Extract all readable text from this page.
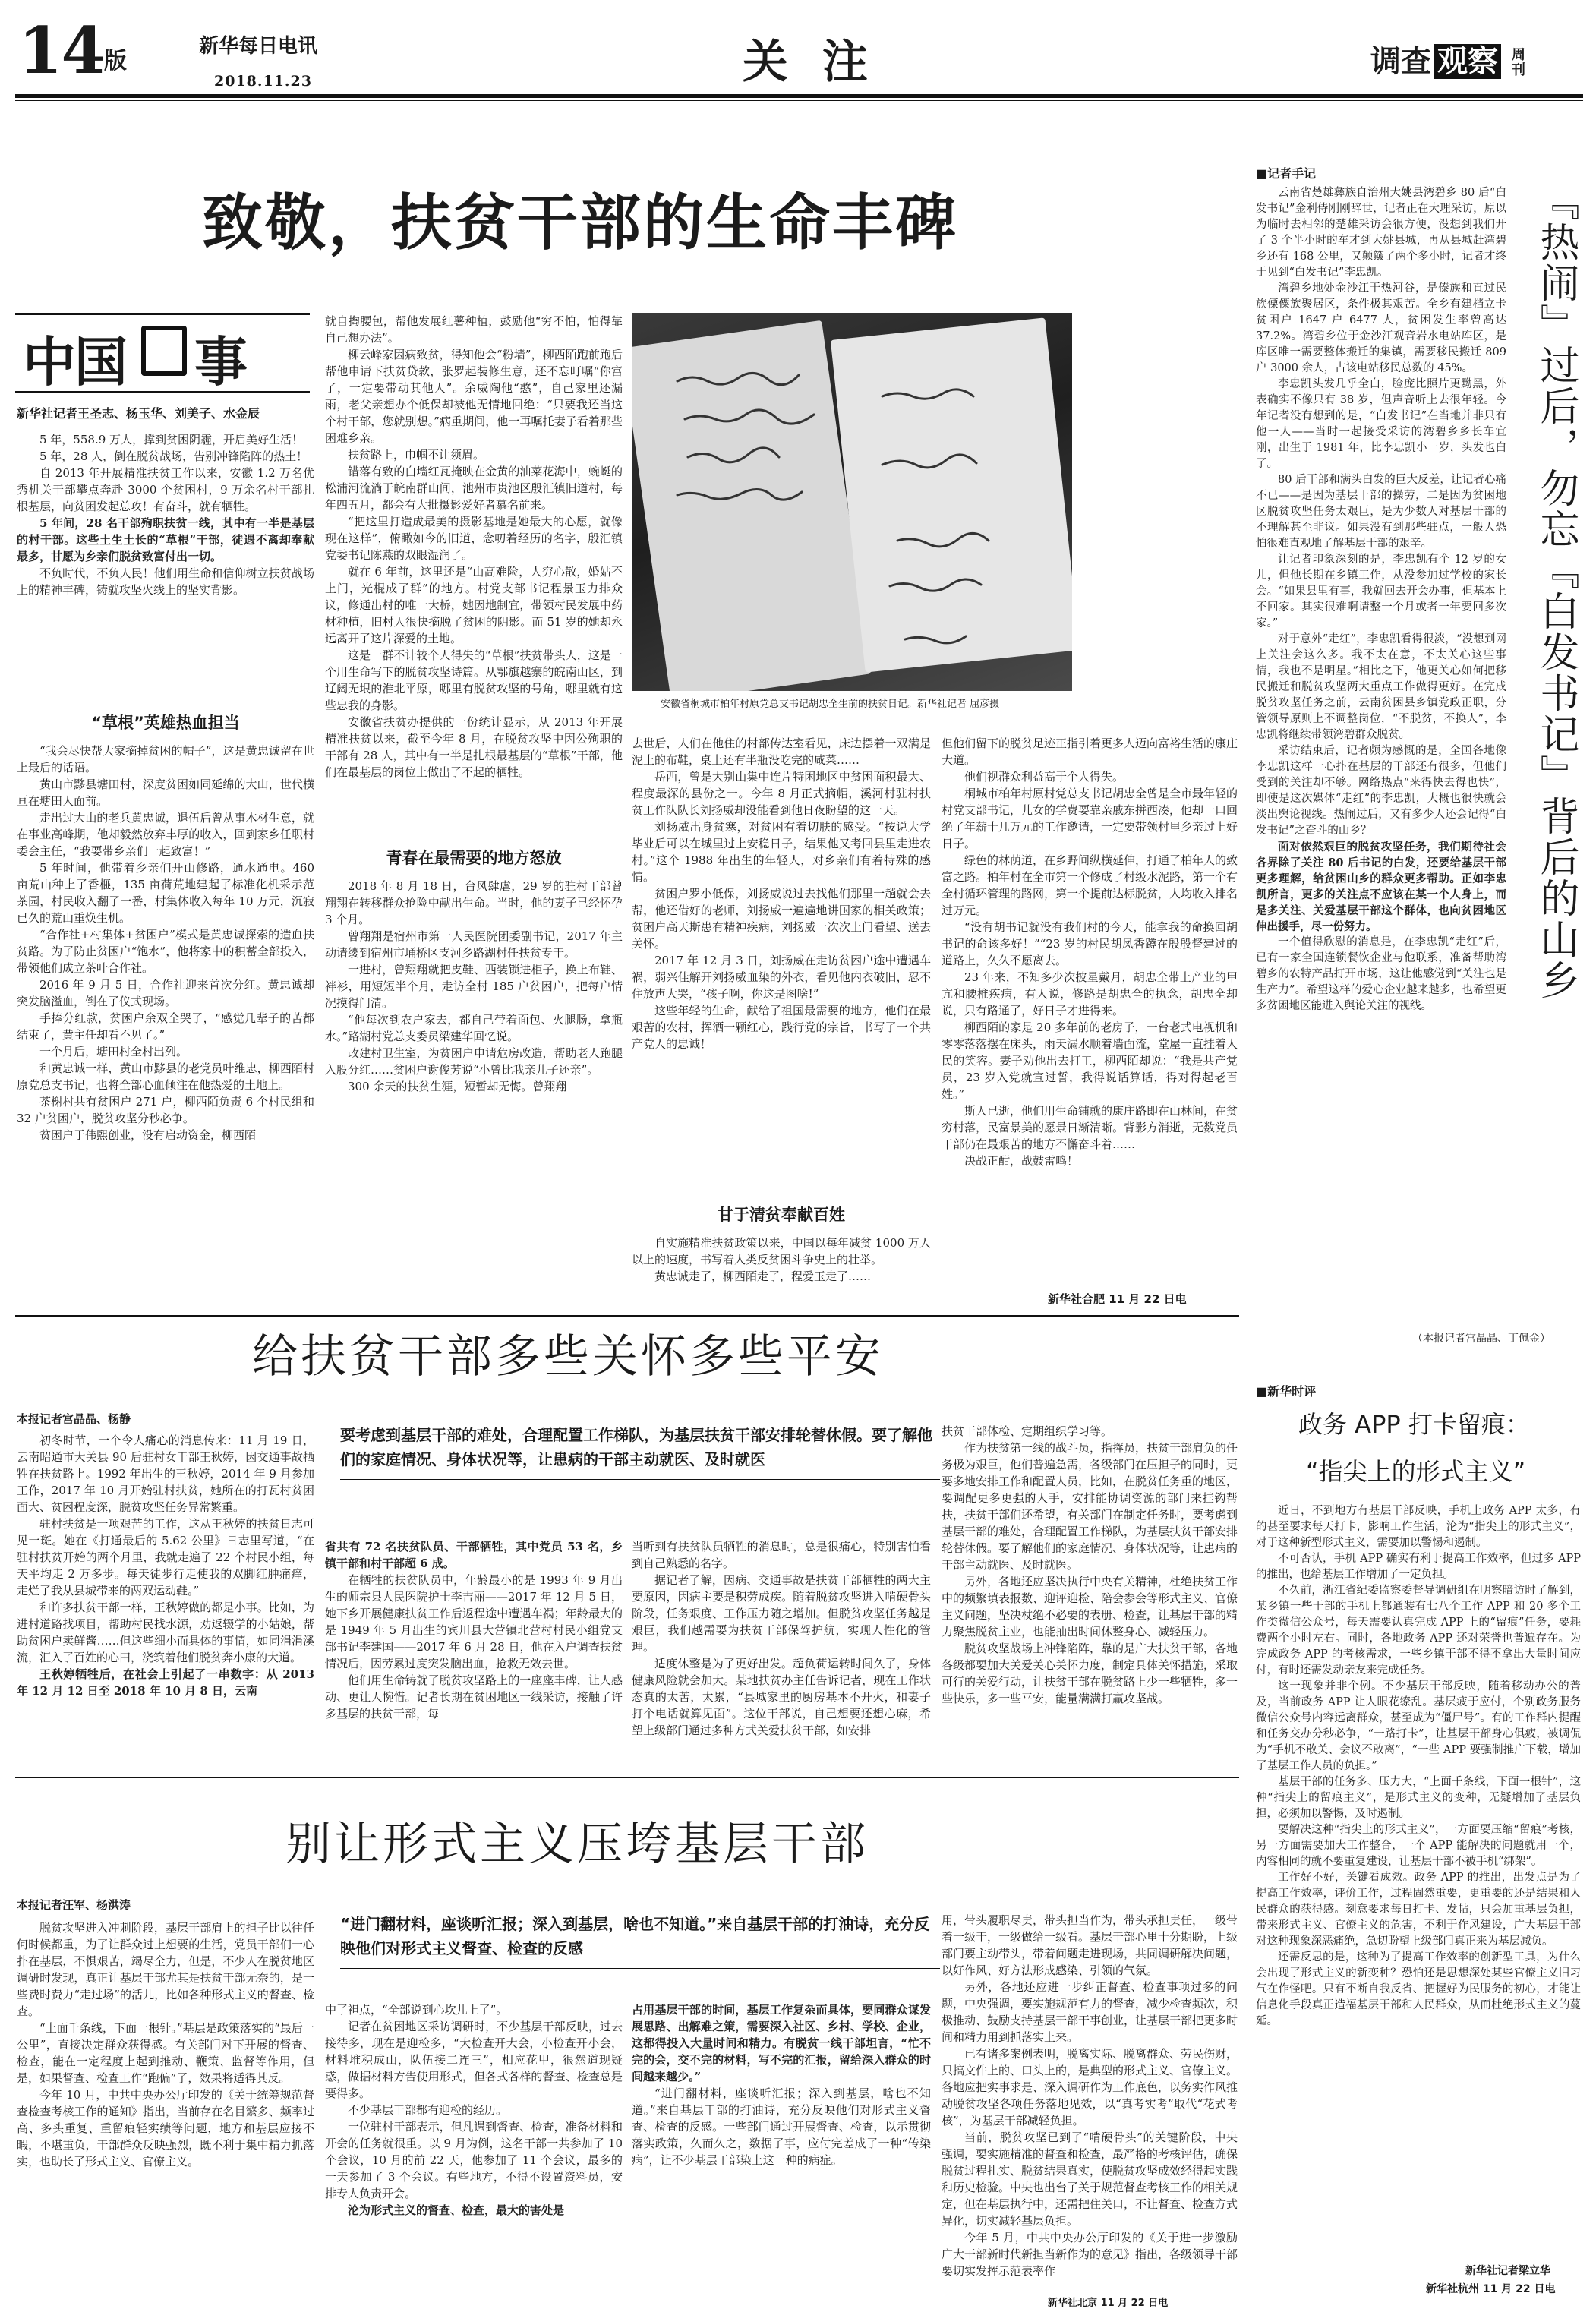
$14^版$
新华每日电讯
2018.11.23	关 注	调查 观察 周刊
致敬，扶贫干部的生命丰碑
中国 事
新华社记者王圣志、杨玉华、刘美子、水金辰
安徽省桐城市柏年村原党总支书记胡忠全生前的扶贫日记。新华社记者 屈彦摄

5 年，558.9 万人，撑到贫困阴霾，开启美好生活！

5 年，28 人，倒在脱贫战场，告别冲锋陷阵的热土！

自 2013 年开展精准扶贫工作以来，安徽 1.2 万名优秀机关干部攀点奔赴 3000 个贫困村，9 万余名村干部扎根基层，向贫困发起总攻！有奋斗，就有牺牲。

5 年间，28 名干部殉职扶贫一线，其中有一半是基层的村干部。这些土生土长的“草根”干部，徒遇不离却奉献最多，甘愿为乡亲们脱贫致富付出一切。

不负时代，不负人民！他们用生命和信仰树立扶贫战场上的精神丰碑，铸就攻坚火线上的坚实背影。

“草根”英雄热血担当

“我会尽快帮大家摘掉贫困的帽子”，这是黄忠诚留在世上最后的话语。

黄山市黟县塘田村，深度贫困如同延绵的大山，世代横亘在塘田人面前。

走出过大山的老兵黄忠诚，退伍后曾从事木材生意，就在事业高峰期，他却毅然放弃丰厚的收入，回到家乡任职村委会主任，“我要带乡亲们一起致富！”

5 年时间，他带着乡亲们开山修路，通水通电。460 亩荒山种上了香榧，135 亩荷荒地建起了标准化机采示范茶园，村民收入翻了一番，村集体收入每年 10 万元，沉寂已久的荒山重焕生机。

“合作社+村集体+贫困户”模式是黄忠诚探索的造血扶贫路。为了防止贫困户“饱水”，他将家中的积蓄全部投入，带领他们成立茶叶合作社。

2016 年 9 月 5 日，合作社迎来首次分红。黄忠诚却突发脑溢血，倒在了仪式现场。

手捧分红款，贫困户余双全哭了，“感觉几辈子的苦都结束了，黄主任却看不见了。”

一个月后，塘田村全村出列。

和黄忠诚一样，黄山市黟县的老党员叶维忠，柳西陌村原党总支书记，也将全部心血倾注在他热爱的土地上。

茶榭村共有贫困户 271 户，柳西陌负责 6 个村民组和 32 户贫困户，脱贫攻坚分秒必争。

贫困户于伟熙创业，没有启动资金，柳西陌

就自掏腰包，帮他发展红薯种植，鼓励他“穷不怕，怕得靠自己想办法”。

柳云峰家因病致贫，得知他会“粉墙”，柳西陌跑前跑后帮他申请下扶贫贷款，张罗起装修生意，还不忘叮嘱“你富了，一定要带动其他人”。余威陶他“憨”，自己家里还漏雨，老父亲想办个低保却被他无情地回绝：“只要我还当这个村干部，您就别想。”病重期间，他一再嘱托妻子看着那些困难乡亲。

扶贫路上，巾帼不让须眉。

错落有致的白墙红瓦掩映在金黄的油菜花海中，蜿蜒的松浦河流淌于皖南群山间，池州市贵池区殷汇镇旧道村，每年四五月，都会有大批摄影爱好者慕名前来。

“把这里打造成最美的摄影基地是她最大的心愿，就像现在这样”，俯瞰如今的旧道，念叨着经历的名字，殷汇镇党委书记陈燕的双眼湿润了。

就在 6 年前，这里还是“山高难险，人穷心散，婚姑不上门，光棍成了群”的地方。村党支部书记程景玉力排众议，修通出村的唯一大桥，她因地制宜，带领村民发展中药材种植，旧村人很快摘脱了贫困的阴影。而 51 岁的她却永远离开了这片深爱的土地。

这是一群不计较个人得失的“草根”扶贫带头人，这是一个用生命写下的脱贫攻坚诗篇。从鄂旗越寨的皖南山区，到辽阔无垠的淮北平原，哪里有脱贫攻坚的号角，哪里就有这些忠我的身影。

安徽省扶贫办提供的一份统计显示，从 2013 年开展精准扶贫以来，截至今年 8 月，在脱贫攻坚中因公殉职的干部有 28 人，其中有一半是扎根最基层的“草根”干部，他们在最基层的岗位上做出了不起的牺牲。

青春在最需要的地方怒放

2018 年 8 月 18 日，台风肆虐，29 岁的驻村干部曾翔翔在转移群众抢险中献出生命。当时，他的妻子已经怀孕 3 个月。

曾翔翔是宿州市第一人民医院团委副书记，2017 年主动请缨到宿州市埇桥区支河乡路湖村任扶贫专干。

一进村，曾翔翔就把皮鞋、西装锁进柜子，换上布鞋、袢衫，用短短半个月，走访全村 185 户贫困户，把每户情况摸得门清。

“他每次到农户家去，都自己带着面包、火腿肠，拿瓶水。”路湖村党总支委员梁建华回忆说。

改建村卫生室，为贫困户申请危房改造，帮助老人跑腿入股分红……贫困户谢俊芳说“小曾比我亲儿子还亲”。

300 余天的扶贫生涯，短暂却无悔。曾翔翔

去世后，人们在他住的村部传达室看见，床边摆着一双满是泥土的布鞋，桌上还有半瓶没吃完的咸菜……

岳西，曾是大别山集中连片特困地区中贫困面积最大、程度最深的县份之一。今年 8 月正式摘帽，溪河村驻村扶贫工作队队长刘扬威却没能看到他日夜盼望的这一天。

刘扬威出身贫寒，对贫困有着切肤的感受。“按说大学毕业后可以在城里过上安稳日子，结果他又考回县里走进农村。”这个 1988 年出生的年轻人，对乡亲们有着特殊的感情。

贫困户罗小低保，刘扬威说过去找他们那里一趟就会去帮，他还借好的老师，刘扬威一遍遍地讲国家的相关政策；贫困户高天斯患有精神疾病，刘扬威一次次上门看望、送去关怀。

2017 年 12 月 3 日，刘扬威在走访贫困户途中遭遇车祸，弱兴佳解开刘扬威血染的外衣，看见他内衣破旧，忍不住放声大哭，“孩子啊，你这是图啥!”

这些年轻的生命，献给了祖国最需要的地方，他们在最艰苦的农村，挥洒一颗红心，践行党的宗旨，书写了一个共产党人的忠诚！

甘于清贫奉献百姓

自实施精准扶贫政策以来，中国以每年减贫 1000 万人以上的速度，书写着人类反贫困斗争史上的壮举。

黄忠诚走了，柳西陌走了，程爱玉走了……

但他们留下的脱贫足迹正指引着更多人迈向富裕生活的康庄大道。

他们视群众利益高于个人得失。

桐城市柏年村原村党总支书记胡忠全曾是全市最年轻的村党支部书记，儿女的学费要靠亲戚东拼西凑，他却一口回绝了年薪十几万元的工作邀请，一定要带领村里乡亲过上好日子。

绿色的林荫道，在乡野间纵横延伸，打通了柏年人的致富之路。柏年村在全市第一个修成了村级水泥路，第一个有全村循环管理的路网，第一个提前达标脱贫，人均收入排名过万元。

“没有胡书记就没有我们村的今天，能拿我的命换回胡书记的命该多好！”“23 岁的村民胡凤香蹲在殷殷督建过的道路上，久久不愿离去。

23 年来，不知多少次披星戴月，胡忠全带上产业的甲亢和腰椎疾病，有人说，修路是胡忠全的执念，胡忠全却说，只有路通了，好日子才进得来。

柳西陌的家是 20 多年前的老房子，一台老式电视机和零零落落摆在床头，雨天漏水顺着墙面流，堂屋一直挂着人民的笑容。妻子劝他出去打工，柳西陌却说：“我是共产党员，23 岁入党就宣过誓，我得说话算话，得对得起老百姓。”

斯人已逝，他们用生命铺就的康庄路即在山林间，在贫穷村落，民富景美的愿景日渐清晰。背影方消逝，无数党员干部仍在最艰苦的地方不懈奋斗着……

决战正酣，战鼓雷鸣！

新华社合肥 11 月 22 日电
给扶贫干部多些关怀多些平安
本报记者宫晶晶、杨静

初冬时节，一个令人痛心的消息传来：11 月 19 日，云南昭通市大关县 90 后驻村女干部王秋婷，因交通事故牺牲在扶贫路上。1992 年出生的王秋婷，2014 年 9 月参加工作，2017 年 10 月开始驻村扶贫，她所在的打瓦村贫困面大、贫困程度深，脱贫攻坚任务异常繁重。

驻村扶贫是一项艰苦的工作，这从王秋婷的扶贫日志可见一斑。她在《打通最后的 5.62 公里》日志里写道，“在驻村扶贫开始的两个月里，我就走遍了 22 个村民小组，每天平均走 2 万多步。每天徒步行走使我的双脚红肿痛痒，走烂了我从县城带来的两双运动鞋。”

和许多扶贫干部一样，王秋婷做的都是小事。比如，为进村道路找项目，帮助村民找水源，劝返辍学的小姑娘，帮助贫困户卖鲜酱……但这些细小而具体的事情，如同涓涓溪流，汇入了百姓的心田，浇筑着他们脱贫奔小康的大道。

王秋婷牺牲后，在社会上引起了一串数字：从 2013 年 12 月 12 日至 2018 年 10 月 8 日，云南

要考虑到基层干部的难处，合理配置工作梯队，为基层扶贫干部安排轮替休假。要了解他们的家庭情况、身体状况等，让患病的干部主动就医、及时就医

省共有 72 名扶贫队员、干部牺牲，其中党员 53 名，乡镇干部和村干部超 6 成。

在牺牲的扶贫队员中，年龄最小的是 1993 年 9 月出生的师宗县人民医院护士李吉丽——2017 年 12 月 5 日，她下乡开展健康扶贫工作后返程途中遭遇车祸；年龄最大的是 1949 年 5 月出生的宾川县大营镇北营村村民小组党支部书记李建国——2017 年 6 月 28 日，他在入户调查扶贫情况后，因劳累过度突发脑出血，抢救无效去世。

他们用生命铸就了脱贫攻坚路上的一座座丰碑，让人感动、更让人惋惜。记者长期在贫困地区一线采访，接触了许多基层的扶贫干部，每

当听到有扶贫队员牺牲的消息时，总是很痛心，特别害怕看到自己熟悉的名字。

据记者了解，因病、交通事故是扶贫干部牺牲的两大主要原因，因病主要是积劳成疾。随着脱贫攻坚进入啃硬骨头阶段，任务艰度、工作压力随之增加。但脱贫攻坚任务越是艰巨，我们越需要为扶贫干部保驾护航，实现人性化的管理。

适度休整是为了更好出发。超负荷运转时间久了，身体健康风险就会加大。某地扶贫办主任告诉记者，现在工作状态真的太苦，太累，“县城家里的厨房基本不开火，和妻子打个电话就算见面”。这位干部说，自己想要还想心麻，希望上级部门通过多种方式关爱扶贫干部，如安排

扶贫干部体检、定期组织学习等。

作为扶贫第一线的战斗员，指挥员，扶贫干部肩负的任务极为艰巨，他们普遍急需，各级部门在压担子的同时，更要多地安排工作和配置人员，比如，在脱贫任务重的地区，要调配更多更强的人手，安排能协调资源的部门来挂钩帮扶，扶贫干部们还希望，有关部门在制定任务时，要考虑到基层干部的难处，合理配置工作梯队，为基层扶贫干部安排轮替休假。要了解他们的家庭情况、身体状况等，让患病的干部主动就医、及时就医。

另外，各地还应坚决执行中央有关精神，杜绝扶贫工作中的频繁填表报数、迎评迎检、陪会参会等形式主义、官僚主义问题，坚决杖绝不必要的表册、检查，让基层干部的精力聚焦脱贫主业，也能抽出时间休整身心、减轻压力。

脱贫攻坚战场上冲锋陷阵，靠的是广大扶贫干部，各地各级都要加大关爱关心关怀力度，制定具体关怀措施，采取可行的关爱行动，让扶贫干部在脱贫路上少一些牺牲，多一些快乐，多一些平安，能量满满打赢攻坚战。

别让形式主义压垮基层干部
本报记者汪军、杨洪涛

脱贫攻坚进入冲刺阶段，基层干部肩上的担子比以往任何时候都重，为了让群众过上想要的生活，党员干部们一心扑在基层，不惧艰苦，竭尽全力，但是，不少人在脱贫地区调研时发现，真正让基层干部尤其是扶贫干部无奈的，是一些费时费力“走过场”的活儿，比如各种形式主义的督查、检查。

“上面千条线，下面一根针。”基层是政策落实的“最后一公里”，直接决定群众获得感。有关部门对下开展的督查、检查，能在一定程度上起到推动、鞭策、监督等作用，但是，如果督查、检查工作“跑偏”了，效果将适得其反。

今年 10 月，中共中央办公厅印发的《关于统筹规范督查检查考核工作的通知》指出，当前存在名目繁多、频率过高、多头重复、重留痕轻实绩等问题，地方和基层应接不暇，不堪重负，干部群众反映强烈，既不利于集中精力抓落实，也助长了形式主义、官僚主义。

“进门翻材料，座谈听汇报；深入到基层，啥也不知道。”来自基层干部的打油诗，充分反映他们对形式主义督查、检查的反感

中了袒点，“全部说到心坎儿上了”。

记者在贫困地区采访调研时，不少基层干部反映，过去接待多，现在是迎检多，“大检查开大会，小检查开小会，材料堆积成山，队伍接二连三”，相应花甲，很然道现疑惑，做据材料方告使用形式，但各式各样的督查、检查总是要得多。

不少基层干部都有迎检的经历。

一位驻村干部表示，但凡遇到督查、检查，准备材料和开会的任务就很重。以 9 月为例，这名干部一共参加了 10 个会议，10 月的前 22 天，他参加了 11 个会议，最多的一天参加了 3 个会议。有些地方，不得不设置资料员，安排专人负责开会。

沦为形式主义的督查、检查，最大的害处是

占用基层干部的时间，基层工作复杂而具体，要同群众谋发展思路、出解难之策，需要深入社区、乡村、学校、企业，这都得投入大量时间和精力。有脱贫一线干部坦言，“忙不完的会，交不完的材料，写不完的汇报，留给深入群众的时间越来越少。”

“进门翻材料，座谈听汇报；深入到基层，啥也不知道。”来自基层干部的打油诗，充分反映他们对形式主义督查、检查的反感。一些部门通过开展督查、检查，以示贯彻落实政策，久而久之，数据了事，应付完差成了一种“传染病”，让不少基层干部染上这一种的病症。

用，带头履职尽责，带头担当作为，带头承担责任，一级带着一级干，一级做给一级看。基层干部心里十分期盼，上级部门要主动带头，带着问题走进现场，共同调研解决问题，以好作风、好方法形成感染、引领的气氛。

另外，各地还应进一步纠正督查、检查事项过多的问题，中央强调，要实施规范有力的督查，减少检查频次，积极推动、鼓励支持基层干部干事创业，让基层干部把更多时间和精力用到抓落实上来。

已有诸多案例表明，脱离实际、脱离群众、劳民伤财，只搞文件上的、口头上的，是典型的形式主义、官僚主义。各地应把实事求是、深入调研作为工作底色，以务实作风推动脱贫攻坚各项任务落地见效，以“真考实考”取代“花式考核”，为基层干部减轻负担。

当前，脱贫攻坚已到了“啃硬骨头”的关键阶段，中央强调，要实施精准的督查和检查，最严格的考核评估，确保脱贫过程扎实、脱贫结果真实，使脱贫攻坚成效经得起实践和历史检验。中央也出台了关于规范督查考核工作的相关规定，但在基层执行中，还需把住关口，不让督查、检查方式异化，切实减轻基层负担。

今年 5 月，中共中央办公厅印发的《关于进一步激励广大干部新时代新担当新作为的意见》指出，各级领导干部要切实发挥示范表率作

■记者手记

云南省楚雄彝族自治州大姚县湾碧乡 80 后“白发书记”金利侍刚刚辞世，记者正在大理采访，原以为临时去相邻的楚雄采访会很方便，没想到我们开了 3 个半小时的车才到大姚县城，再从县城赶湾碧乡还有 168 公里，又颠簸了两个多小时，记者才终于见到“白发书记”李忠凯。

湾碧乡地处金沙江干热河谷，是傣族和直过民族傈僳族聚居区，条件极其艰苦。全乡有建档立卡贫困户 1647 户 6477 人，贫困发生率曾高达 37.2%。湾碧乡位于金沙江观音岩水电站库区，是库区唯一需要整体搬迁的集镇，需要移民搬迁 809 户 3000 余人，占该电站移民总数的 45%。

李忠凯头发几乎全白，脸庞比照片更黝黑，外表确实不像只有 38 岁，但声音听上去很年轻。今年记者没有想到的是，“白发书记”在当地并非只有他一人——当时一起接受采访的湾碧乡乡长车宜刚，出生于 1981 年，比李忠凯小一岁，头发也白了。

80 后干部和满头白发的巨大反差，让记者心痛不已——是因为基层干部的操劳，二是因为贫困地区脱贫攻坚任务太艰巨，是为少数人对基层干部的不理解甚至非议。如果没有到那些驻点，一般人恐怕很难直观地了解基层干部的艰辛。

让记者印象深刻的是，李忠凯有个 12 岁的女儿，但他长期在乡镇工作，从没参加过学校的家长会。“如果县里有事，我就回去开会办事，但基本上不回家。其实很难啊请整一个月或者一年要回多次家。”

对于意外“走红”，李忠凯看得很淡，“没想到网上关注会这么多。我不太在意，不太关心这些事情，我也不是明星。”相比之下，他更关心如何把移民搬迁和脱贫攻坚两大重点工作做得更好。在完成脱贫攻坚任务之前，云南贫困县乡镇党政正职，分管领导原则上不调整岗位，“不脱贫，不换人”，李忠凯将继续带领湾碧群众脱贫。

采访结束后，记者颇为感慨的是，全国各地像李忠凯这样一心扑在基层的干部还有很多，但他们受到的关注却不够。网络热点“来得快去得也快”，即使是这次媒体“走红”的李忠凯，大概也很快就会淡出舆论视线。热闹过后，又有多少人还会记得“白发书记”之奋斗的山乡？

面对依然艰巨的脱贫攻坚任务，我们期待社会各界除了关注 80 后书记的白发，还要给基层干部更多理解，给贫困山乡的群众更多帮助。正如李忠凯所言，更多的关注点不应该在某一个人身上，而是多关注、关爱基层干部这个群体，也向贫困地区伸出援手，尽一份努力。

一个值得欣慰的消息是，在李忠凯“走红”后，已有一家全国连锁餐饮企业与他联系，准备帮助湾碧乡的农特产品打开市场，这让他感觉到“关注也是生产力”。希望这样的爱心企业越来越多，也希望更多贫困地区能进入舆论关注的视线。

『热闹』过后，勿忘『白发书记』背后的山乡
（本报记者宫晶晶、丁佩金）
■新华时评
政务 APP 打卡留痕：
“指尖上的形式主义”

近日，不到地方有基层干部反映，手机上政务 APP 太多，有的甚至要求每天打卡，影响工作生活，沦为“指尖上的形式主义”，对于这种新型形式主义，需要加以警惕和遏制。

不可否认，手机 APP 确实有利于提高工作效率，但过多 APP 的推出，也给基层工作增加了一定负担。

不久前，浙江省纪委监察委督导调研组在明察暗访时了解到，某乡镇一些干部的手机上都通装有七八个工作 APP 和 20 多个工作类微信公众号，每天需要认真完成 APP 上的“留痕”任务，要耗费两个小时左右。同时，各地政务 APP 还对荣誉也普遍存在。为完成政务 APP 的考核需求，一些乡镇干部不得不拿出大量时间应付，有时还需发动亲友来完成任务。

这一现象并非个例。不少基层干部反映，随着移动办公的普及，当前政务 APP 让人眼花缭乱。基层疲于应付，个别政务服务微信公众号内容远离群众，甚至成为“僵尸号”。有的工作群内提醒和任务交办分秒必争，“一路打卡”，让基层干部身心俱疲，被调侃为“手机不敢关、会议不敢离”，“一些 APP 要强制推广下载，增加了基层工作人员的负担。”

基层干部的任务多、压力大，“上面千条线，下面一根针”，这种“指尖上的留痕主义”，是形式主义的变种，无疑增加了基层负担，必须加以警惕，及时遏制。

要解决这种“指尖上的形式主义”，一方面要压缩“留痕”考核，另一方面需要加大工作整合，一个 APP 能解决的问题就用一个，内容相同的就不要重复建设，让基层干部不被手机“绑架”。

工作好不好，关键看成效。政务 APP 的推出，出发点是为了提高工作效率，评价工作，过程固然重要，更重要的还是结果和人民群众的获得感。刻意要求每日打卡、发帖，只会加重基层负担，带来形式主义、官僚主义的危害，不利于作风建设，广大基层干部对这种现象深恶痛绝，急切盼望上级部门真正来为基层减负。

还需反思的是，这种为了提高工作效率的创新型工具，为什么会出现了形式主义的新变种？恐怕还是思想深处某些官僚主义旧习气在作怪吧。只有不断自我反省、把握好为民服务的初心，才能让信息化手段真正造福基层干部和人民群众，从而杜绝形式主义的蔓延。

新华社记者梁立华
新华社杭州 11 月 22 日电
新华社北京 11 月 22 日电
